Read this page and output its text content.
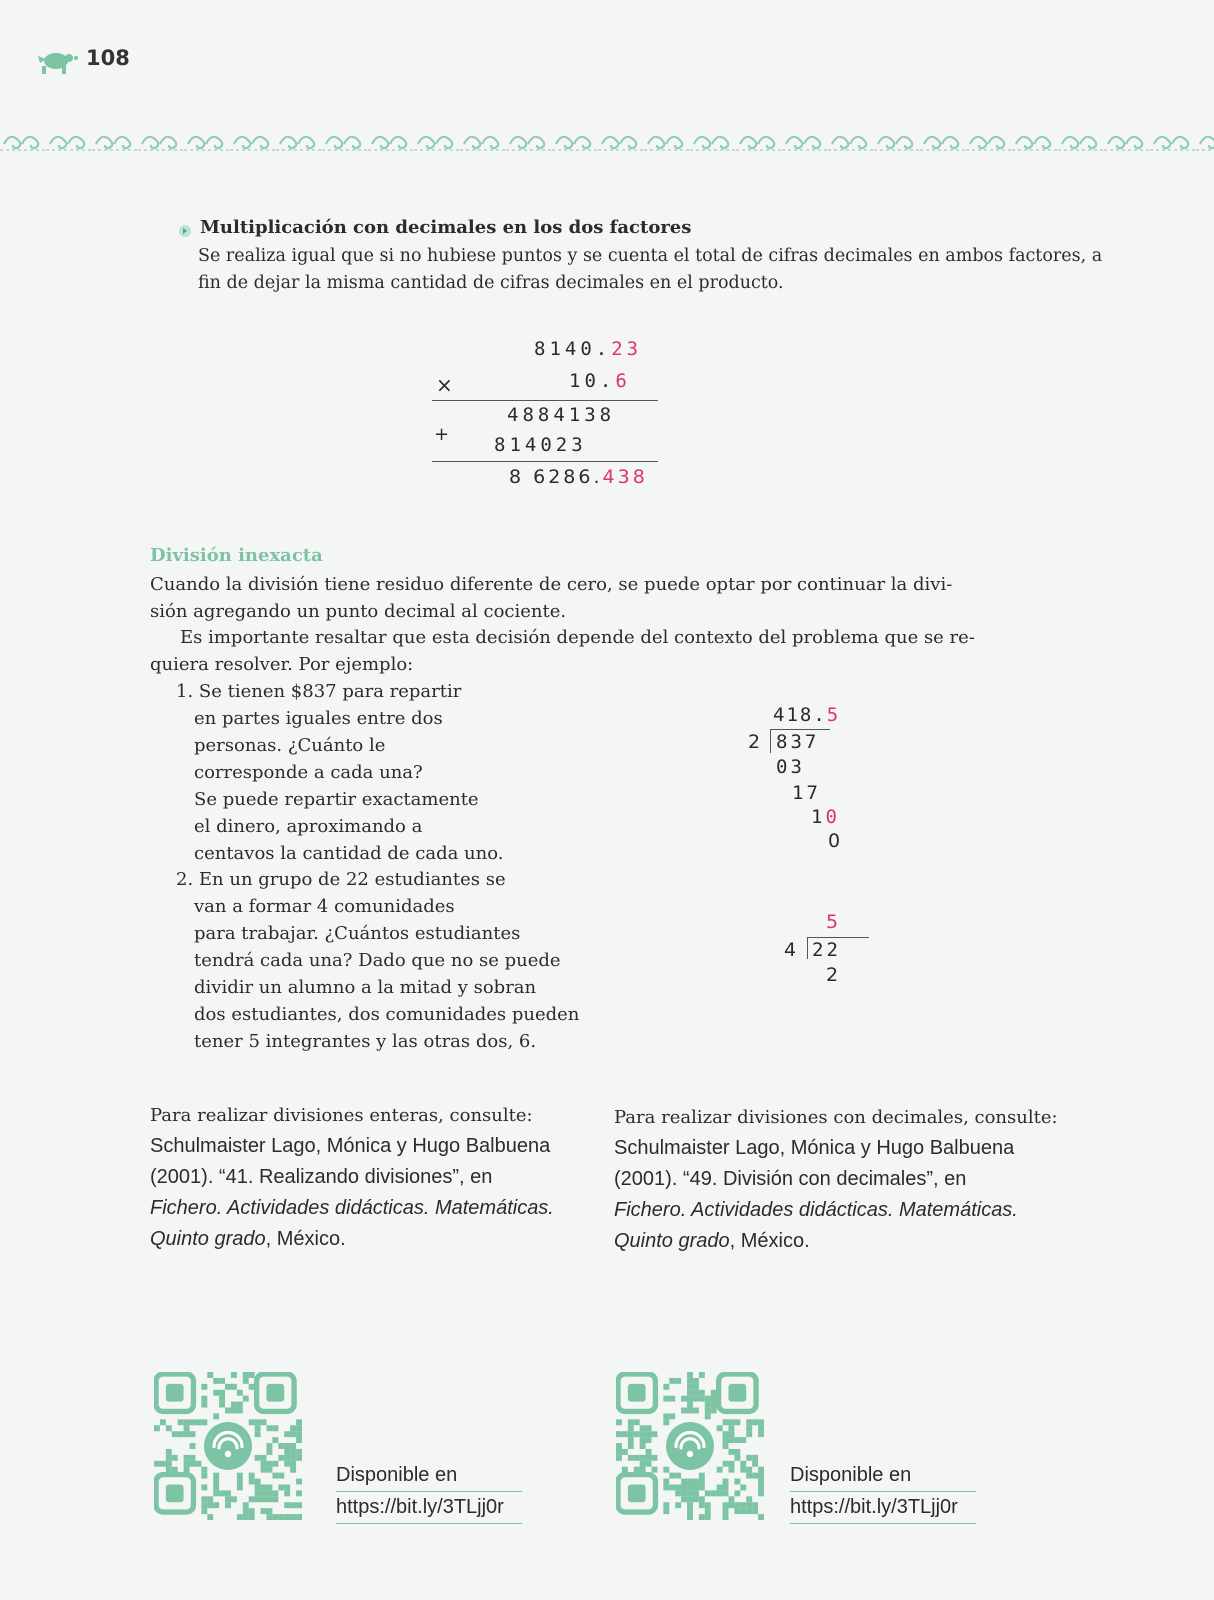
108
Multiplicación con decimales en los dos factores
Se realiza igual que si no hubiese puntos y se cuenta el total de cifras decimales en ambos factores, a
fin de dejar la misma cantidad de cifras decimales en el producto.
8140.23
×	10.6
4884138
+ 814023
8 6286.438
División inexacta
Cuando la división tiene residuo diferente de cero, se puede optar por continuar la divi-
sión agregando un punto decimal al cociente.
Es importante resaltar que esta decisión depende del contexto del problema que se re-
quiera resolver. Por ejemplo:
1. Se tienen $837 para repartir
en partes iguales entre dos
personas. ¿Cuánto le
corresponde a cada una?
Se puede repartir exactamente
el dinero, aproximando a
centavos la cantidad de cada uno.
2. En un grupo de 22 estudiantes se
van a formar 4 comunidades
para trabajar. ¿Cuántos estudiantes
tendrá cada una? Dado que no se puede
dividir un alumno a la mitad y sobran
dos estudiantes, dos comunidades pueden
tener 5 integrantes y las otras dos, 6.
418.5
2 837
03
17
10
0
5
4 22
2
Para realizar divisiones enteras, consulte:
Schulmaister Lago, Mónica y Hugo Balbuena
(2001). “41. Realizando divisiones”, en
Fichero. Actividades didácticas. Matemáticas.
Quinto grado, México.
Para realizar divisiones con decimales, consulte:
Schulmaister Lago, Mónica y Hugo Balbuena
(2001). “49. División con decimales”, en
Fichero. Actividades didácticas. Matemáticas.
Quinto grado, México.
Disponible en
https://bit.ly/3TLjj0r
Disponible en
https://bit.ly/3TLjj0r
